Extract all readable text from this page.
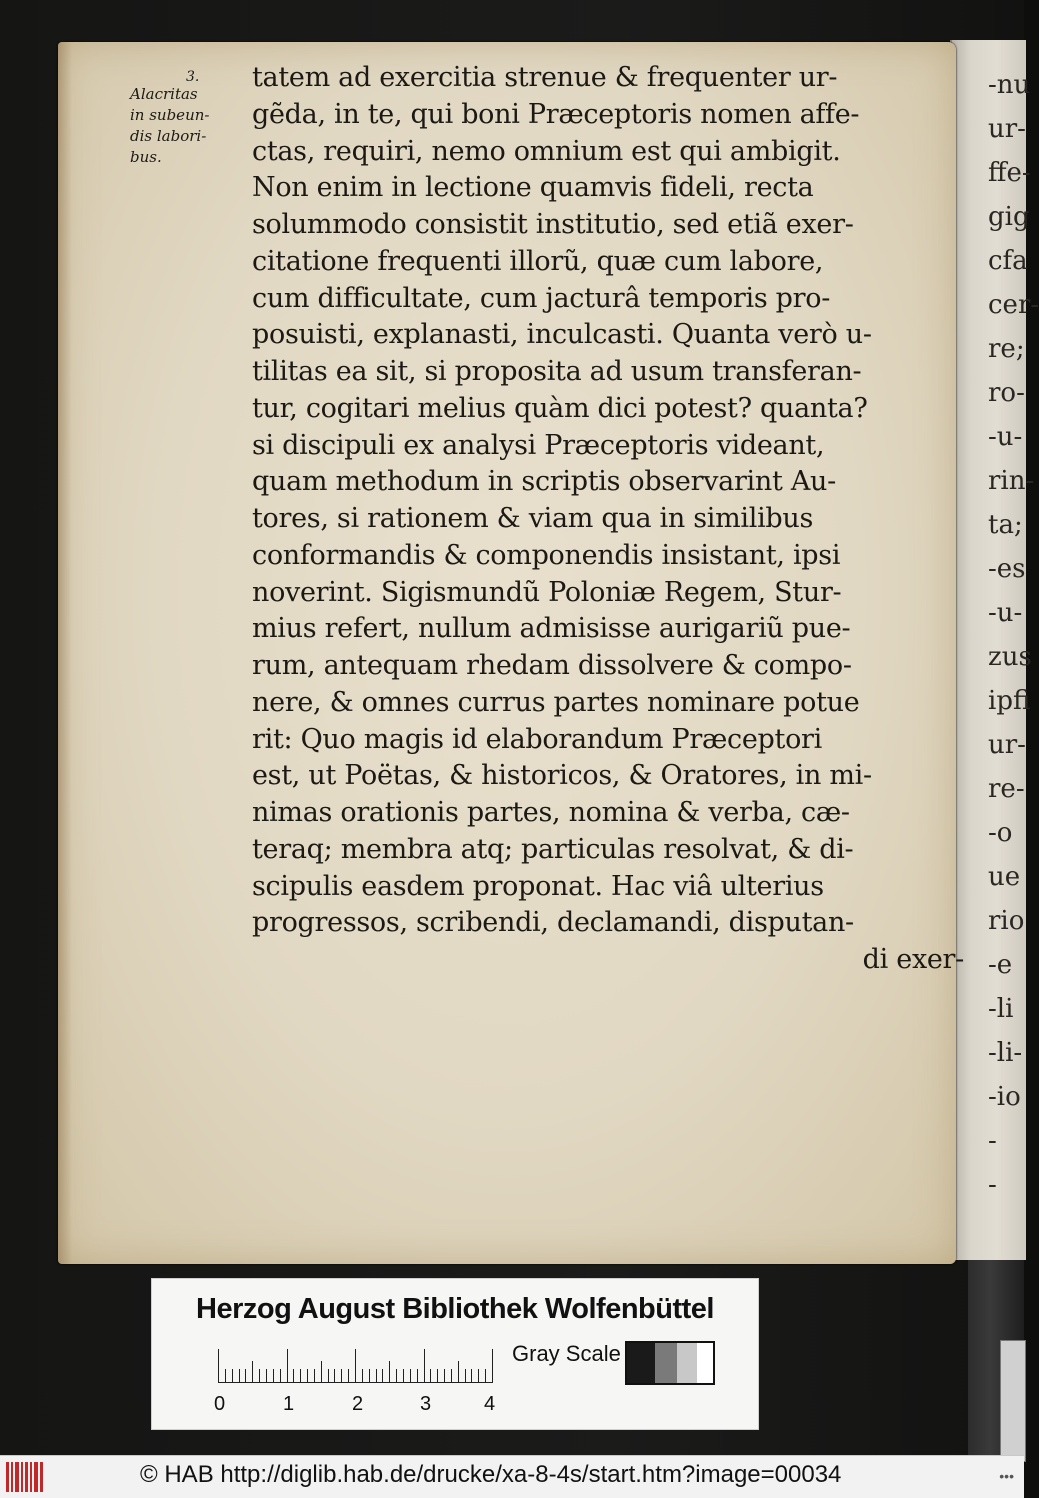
-nu
ur-
ffe-
gig
cfa
cer-
re;
ro-
-u-
rin-
ta;
-es
-u-
zus
ipfi
ur-
re-
-o
ue
rio
-e
-li
-li-
-io
-
-
3.
Alacritas
in subeun-
dis labori-
bus.
tatem ad exercitia strenue & frequenter ur-
gẽda, in te, qui boni Præceptoris nomen affe-
ctas, requiri, nemo omnium est qui ambigit.
Non enim in lectione quamvis fideli, recta
solummodo consistit institutio, sed etiã exer-
citatione frequenti illorũ, quæ cum labore,
cum difficultate, cum jacturâ temporis pro-
posuisti, explanasti, inculcasti. Quanta verò u-
tilitas ea sit, si proposita ad usum transferan-
tur, cogitari melius quàm dici potest? quanta?
si discipuli ex analysi Præceptoris videant,
quam methodum in scriptis observarint Au-
tores, si rationem & viam qua in similibus
conformandis & componendis insistant, ipsi
noverint. Sigismundũ Poloniæ Regem, Stur-
mius refert, nullum admisisse aurigariũ pue-
rum, antequam rhedam dissolvere & compo-
nere, & omnes currus partes nominare potue
rit: Quo magis id elaborandum Præceptori
est, ut Poëtas, & historicos, & Oratores, in mi-
nimas orationis partes, nomina & verba, cæ-
teraq; membra atq; particulas resolvat, & di-
scipulis easdem proponat. Hac viâ ulterius
progressos, scribendi, declamandi, disputan-
di exer-
Herzog August Bibliothek Wolfenbüttel
0	1	2	3	4
Gray Scale
© HAB http://diglib.hab.de/drucke/xa-8-4s/start.htm?image=00034	•••
